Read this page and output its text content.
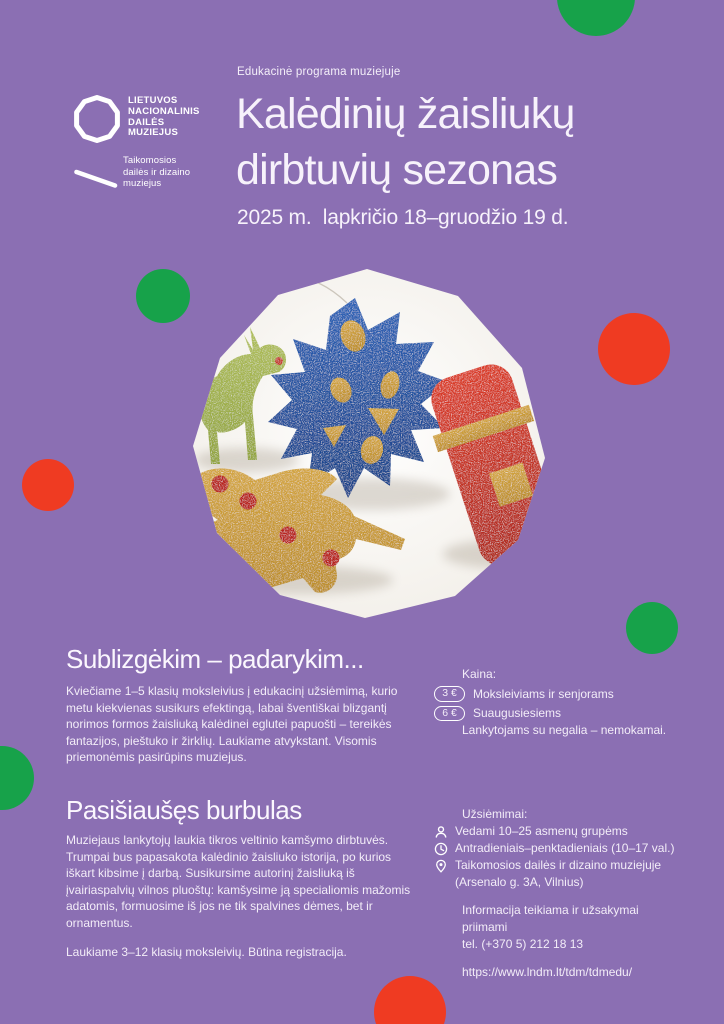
LIETUVOS
NACIONALINIS
DAILĖS
MUZIEJUS
Taikomosios
dailės ir dizaino
muziejus
Edukacinė programa muziejuje
Kalėdinių žaisliukų
dirbtuvių sezonas
2025 m.  lapkričio 18–gruodžio 19 d.
Sublizgėkim – padarykim...
Kviečiame 1–5 klasių moksleivius į edukacinį užsiėmimą, kurio metu kiekvienas susikurs efektingą, labai šventiškai blizgantį norimos formos žaisliuką kalėdinei eglutei papuošti – tereikės fantazijos, pieštuko ir žirklių. Laukiame atvykstant. Visomis priemonėmis pasirūpins muziejus.
Pasišiaušęs burbulas
Muziejaus lankytojų laukia tikros veltinio kamšymo dirbtuvės. Trumpai bus papasakota kalėdinio žaisliuko istorija, po kurios iškart kibsime į darbą. Susikursime autorinį žaisliuką iš įvairiaspalvių vilnos pluoštų: kamšysime ją specialiomis mažomis adatomis, formuosime iš jos ne tik spalvines dėmes, bet ir ornamentus.
Laukiame 3–12 klasių moksleivių. Būtina registracija.
Kaina:
3 €	Moksleiviams ir senjorams
6 €	Suaugusiesiems
Lankytojams su negalia – nemokamai.
Užsiėmimai:
Vedami 10–25 asmenų grupėms
Antradieniais–penktadieniais (10–17 val.)
Taikomosios dailės ir dizaino muziejuje (Arsenalo g. 3A, Vilnius)
Informacija teikiama ir užsakymai priimami
tel. (+370 5) 212 18 13
https://www.lndm.lt/tdm/tdmedu/
